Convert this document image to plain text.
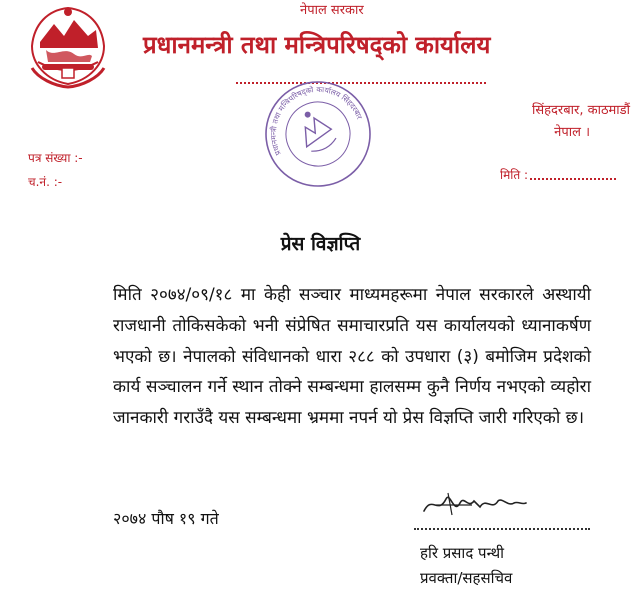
नेपाल सरकार
प्रधानमन्त्री तथा मन्त्रिपरिषद्को कार्यालय
सिंहदरबार, काठमाडौं
नेपाल ।
प्रधानमन्त्री तथा मन्त्रिपरिषद्को कार्यालय सिंहदरबार
पत्र संख्या :-
च.नं. :-	मिति :
प्रेस विज्ञप्ति

मिति २०७४/०९/१८ मा केही सञ्चार माध्यमहरूमा नेपाल सरकारले अस्थायी राजधानी तोकिसकेको भनी संप्रेषित समाचारप्रति यस कार्यालयको ध्यानाकर्षण भएको छ। नेपालको संविधानको धारा २८८ को उपधारा (३) बमोजिम प्रदेशको कार्य सञ्चालन गर्ने स्थान तोक्ने सम्बन्धमा हालसम्म कुनै निर्णय नभएको व्यहोरा जानकारी गराउँदै यस सम्बन्धमा भ्रममा नपर्न यो प्रेस विज्ञप्ति जारी गरिएको छ।

२०७४ पौष १९ गते
हरि प्रसाद पन्थी
प्रवक्ता/सहसचिव
